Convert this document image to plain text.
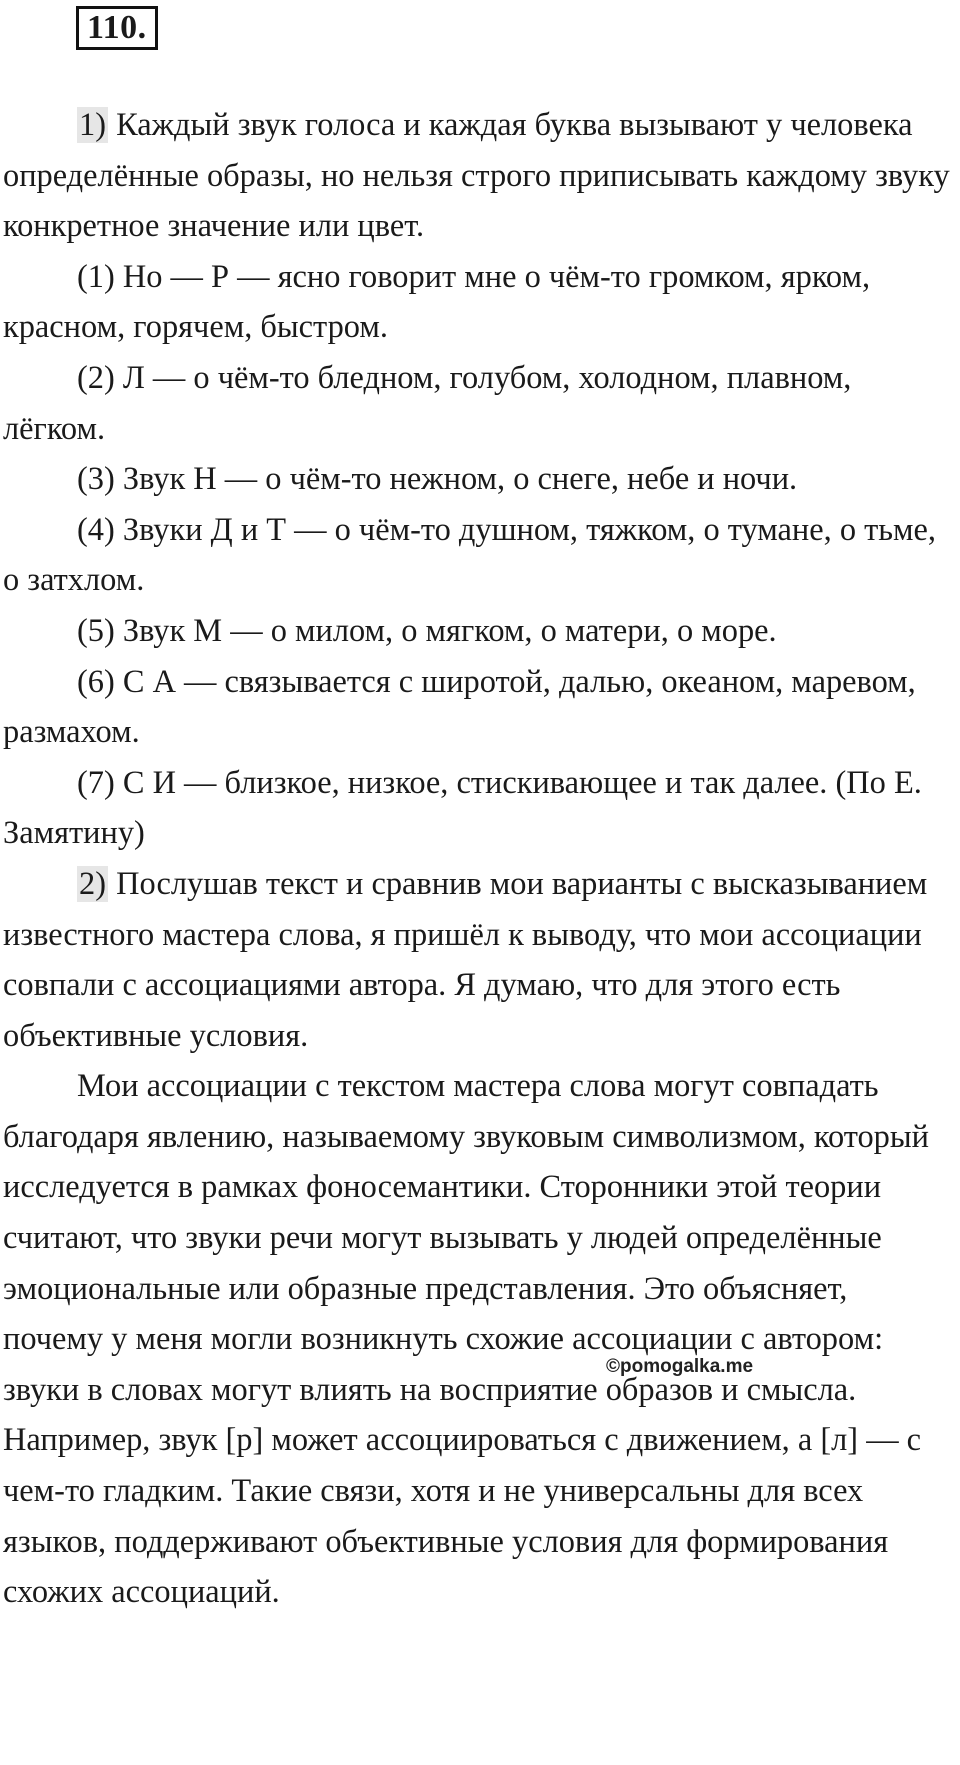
110.

1) Каждый звук голоса и каждая буква вызывают у человека определённые образы, но нельзя строго приписывать каждому звуку конкретное значение или цвет.

(1) Но — Р — ясно говорит мне о чём-то громком, ярком, красном, горячем, быстром.

(2) Л — о чём-то бледном, голубом, холодном, плавном, лёгком.

(3) Звук Н — о чём-то нежном, о снеге, небе и ночи.

(4) Звуки Д и Т — о чём-то душном, тяжком, о тумане, о тьме, о затхлом.

(5) Звук М — о милом, о мягком, о матери, о море.

(6) С А — связывается с широтой, далью, океаном, маревом, размахом.

(7) С И — близкое, низкое, стискивающее и так далее. (По Е. Замятину)

2) Послушав текст и сравнив мои варианты с высказыванием известного мастера слова, я пришёл к выводу, что мои ассоциации совпали с ассоциациями автора. Я думаю, что для этого есть объективные условия.

Мои ассоциации с текстом мастера слова могут совпадать благодаря явлению, называемому звуковым символизмом, который исследуется в рамках фоносемантики. Сторонники этой теории считают, что звуки речи могут вызывать у людей определённые эмоциональные или образные представления. Это объясняет, почему у меня могли возникнуть схожие ассоциации с автором: звуки в словах могут влиять на восприятие образов и смысла. Например, звук [р] может ассоциироваться с движением, а [л] — с чем-то гладким. Такие связи, хотя и не универсальны для всех языков, поддерживают объективные условия для формирования схожих ассоциаций.

©pomogalka.me
